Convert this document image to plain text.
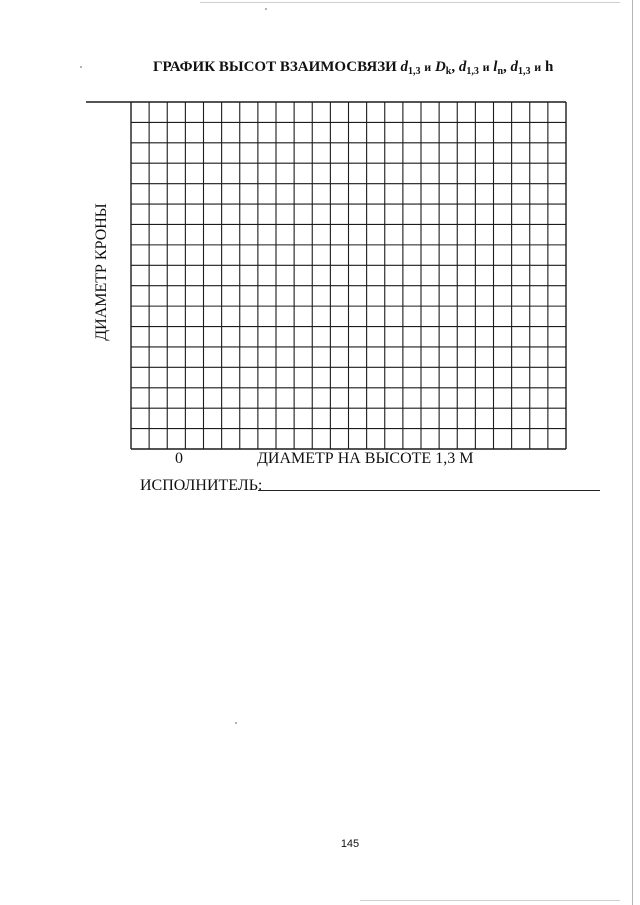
ГРАФИК ВЫСОТ ВЗАИМОСВЯЗИ $d_{1,3}$ и $D_k$, $d_{1,3}$ и $l_n$, $d_{1,3}$ и h
ДИАМЕТР КРОНЫ
0	ДИАМЕТР НА ВЫСОТЕ 1,3 М
ИСПОЛНИТЕЛЬ:
145
